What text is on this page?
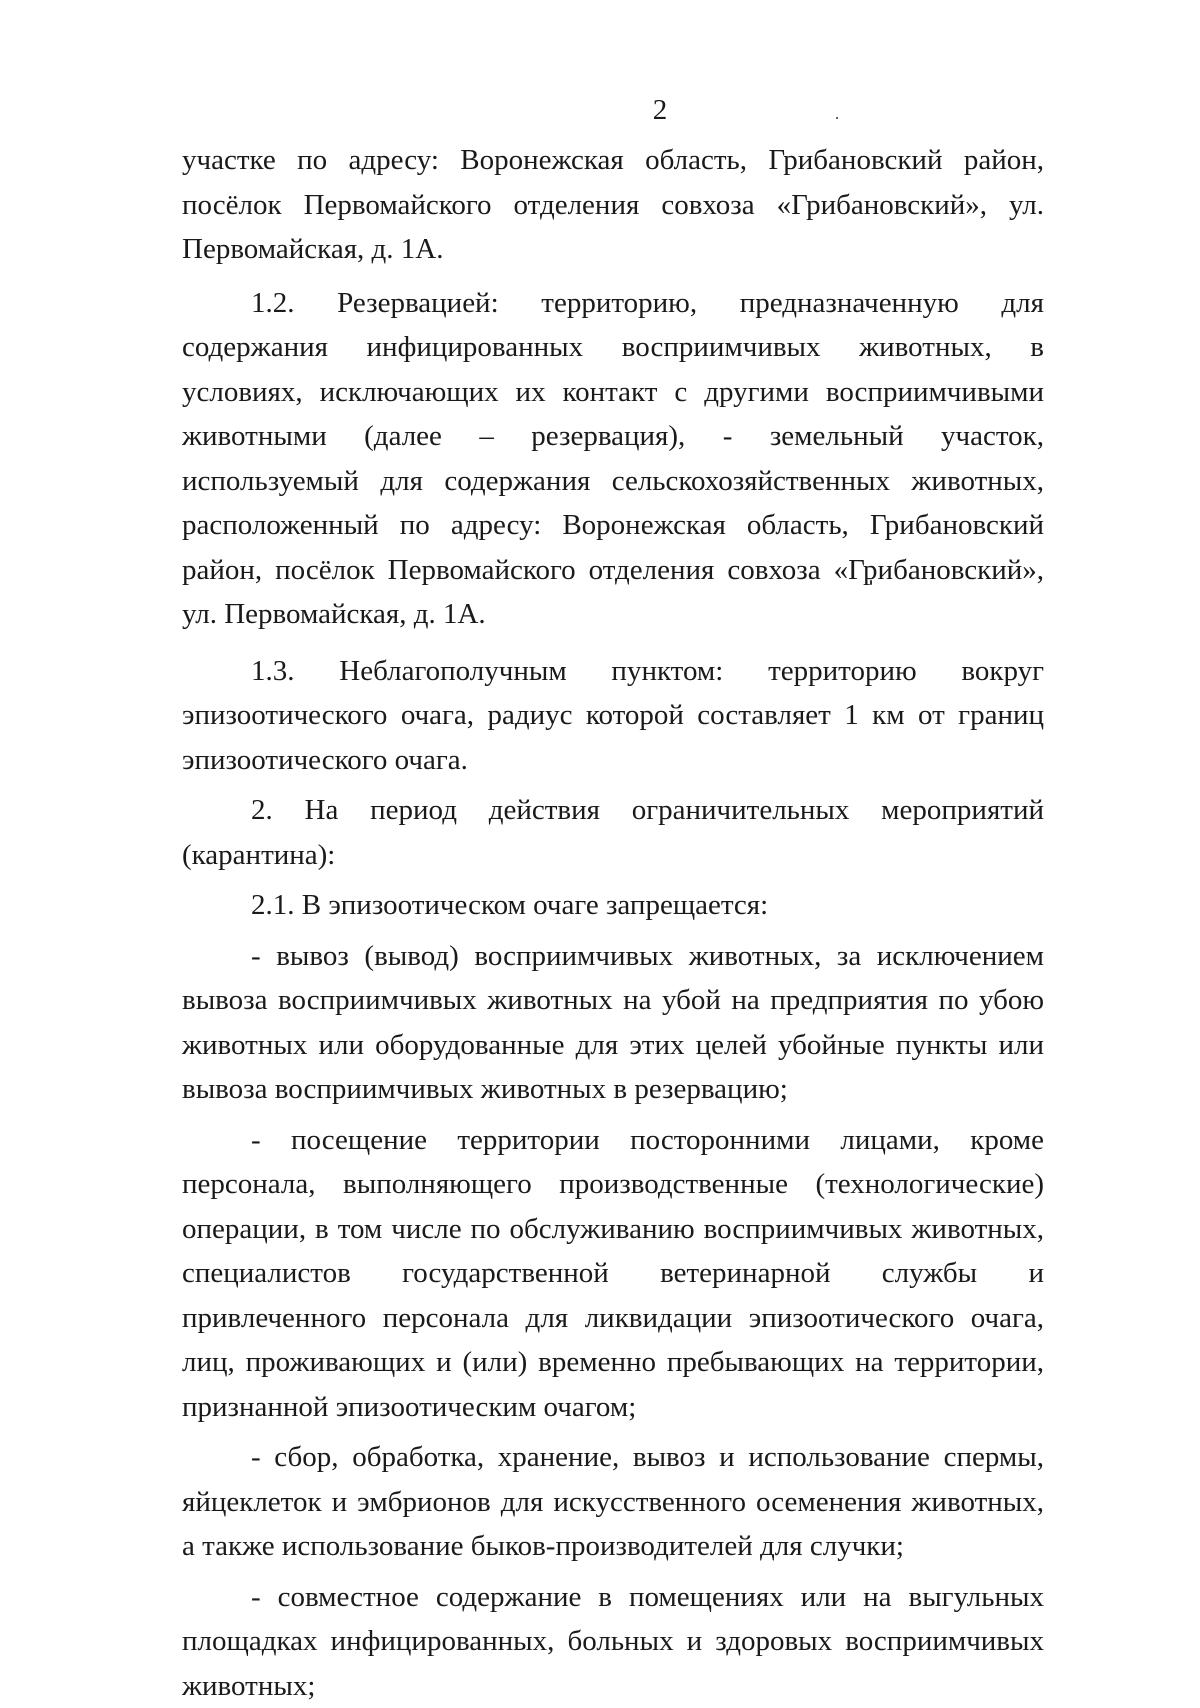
2

участке по адресу: Воронежская область, Грибановский район, посёлок Первомайского отделения совхоза «Грибановский», ул. Первомайская, д. 1А.

1.2. Резервацией: территорию, предназначенную для содержания инфицированных восприимчивых животных, в условиях, исключающих их контакт с другими восприимчивыми животными (далее – резервация), - земельный участок, используемый для содержания сельскохозяйственных животных, расположенный по адресу: Воронежская область, Грибановский район, посёлок Первомайского отделения совхоза «Грибановский», ул. Первомайская, д. 1А.

1.3. Неблагополучным пунктом: территорию вокруг эпизоотического очага, радиус которой составляет 1 км от границ эпизоотического очага.

2. На период действия ограничительных мероприятий (карантина):

2.1. В эпизоотическом очаге запрещается:

- вывоз (вывод) восприимчивых животных, за исключением вывоза восприимчивых животных на убой на предприятия по убою животных или оборудованные для этих целей убойные пункты или вывоза восприимчивых животных в резервацию;

- посещение территории посторонними лицами, кроме персонала, выполняющего производственные (технологические) операции, в том числе по обслуживанию восприимчивых животных, специалистов государственной ветеринарной службы и привлеченного персонала для ликвидации эпизоотического очага, лиц, проживающих и (или) временно пребывающих на территории, признанной эпизоотическим очагом;

- сбор, обработка, хранение, вывоз и использование спермы, яйцеклеток и эмбрионов для искусственного осеменения животных, а также использование быков-производителей для случки;

- совместное содержание в помещениях или на выгульных площадках инфицированных, больных и здоровых восприимчивых животных;
